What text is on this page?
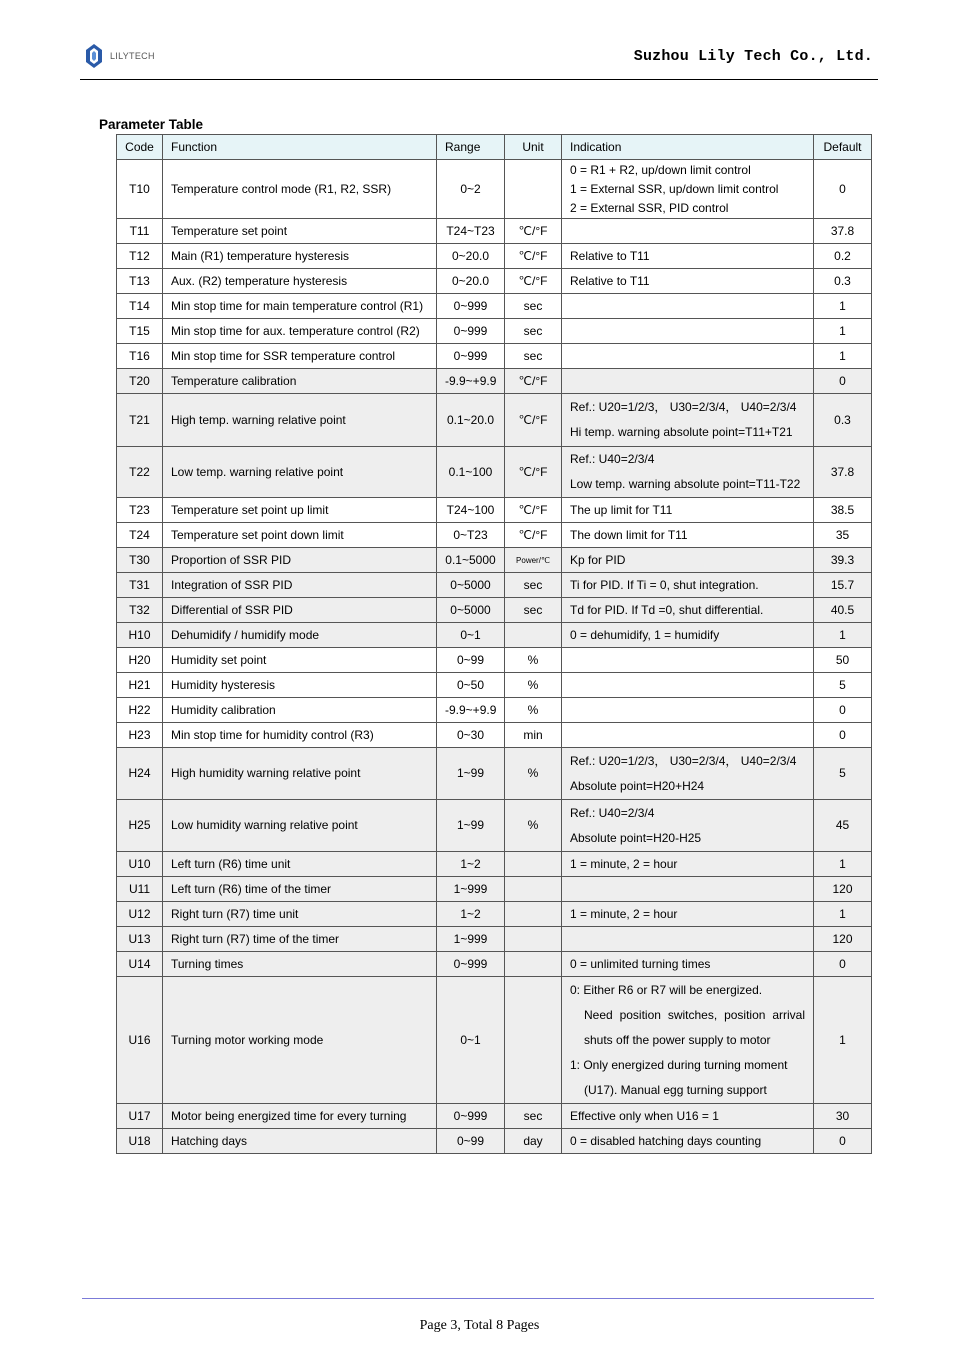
LILYTECH	Suzhou Lily Tech Co., Ltd.
Parameter Table
Code	Function	Range	Unit	Indication	Default
T10	Temperature control mode (R1, R2, SSR)	0~2		0 = R1 + R2, up/down limit control
1 = External SSR, up/down limit control
2 = External SSR, PID control	0
T11	Temperature set point	T24~T23	℃/°F		37.8
T12	Main (R1) temperature hysteresis	0~20.0	℃/°F	Relative to T11	0.2
T13	Aux. (R2) temperature hysteresis	0~20.0	℃/°F	Relative to T11	0.3
T14	Min stop time for main temperature control (R1)	0~999	sec		1
T15	Min stop time for aux. temperature control (R2)	0~999	sec		1
T16	Min stop time for SSR temperature control	0~999	sec		1
T20	Temperature calibration	-9.9~+9.9	℃/°F		0
T21	High temp. warning relative point	0.1~20.0	℃/°F	Ref.: U20=1/2/3， U30=2/3/4， U40=2/3/4
Hi temp. warning absolute point=T11+T21	0.3
T22	Low temp. warning relative point	0.1~100	℃/°F	Ref.: U40=2/3/4
Low temp. warning absolute point=T11-T22	37.8
T23	Temperature set point up limit	T24~100	℃/°F	The up limit for T11	38.5
T24	Temperature set point down limit	0~T23	℃/°F	The down limit for T11	35
T30	Proportion of SSR PID	0.1~5000	Power/℃	Kp for PID	39.3
T31	Integration of SSR PID	0~5000	sec	Ti for PID. If Ti = 0, shut integration.	15.7
T32	Differential of SSR PID	0~5000	sec	Td for PID. If Td =0, shut differential.	40.5
H10	Dehumidify / humidify mode	0~1		0 = dehumidify, 1 = humidify	1
H20	Humidity set point	0~99	%		50
H21	Humidity hysteresis	0~50	%		5
H22	Humidity calibration	-9.9~+9.9	%		0
H23	Min stop time for humidity control (R3)	0~30	min		0
H24	High humidity warning relative point	1~99	%	Ref.: U20=1/2/3， U30=2/3/4， U40=2/3/4
Absolute point=H20+H24	5
H25	Low humidity warning relative point	1~99	%	Ref.: U40=2/3/4
Absolute point=H20-H25	45
U10	Left turn (R6) time unit	1~2		1 = minute, 2 = hour	1
U11	Left turn (R6) time of the timer	1~999			120
U12	Right turn (R7) time unit	1~2		1 = minute, 2 = hour	1
U13	Right turn (R7) time of the timer	1~999			120
U14	Turning times	0~999		0 = unlimited turning times	0
U16	Turning motor working mode	0~1		0: Either R6 or R7 will be energized.
Need position switches, position arrival
shuts off the power supply to motor
1: Only energized during turning moment
(U17). Manual egg turning support	1
U17	Motor being energized time for every turning	0~999	sec	Effective only when U16 = 1	30
U18	Hatching days	0~99	day	0 = disabled hatching days counting	0
Page 3, Total 8 Pages
